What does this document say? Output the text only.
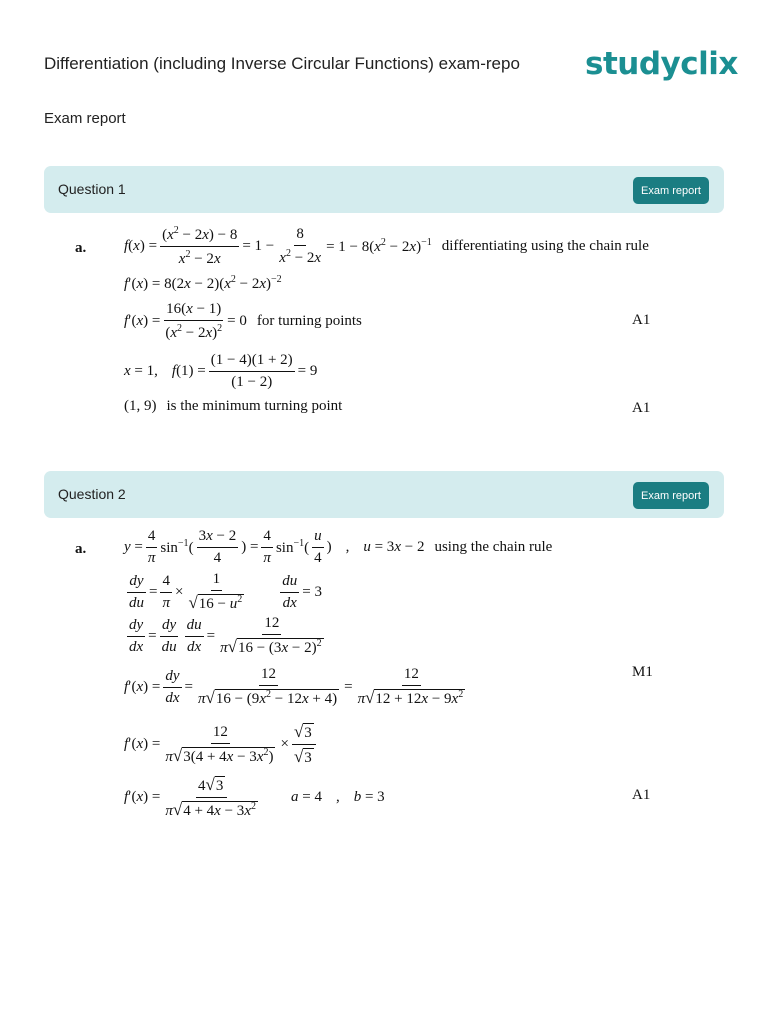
Differentiation (including Inverse Circular Functions) exam-repo
Exam report
studyclix
Question 1	Exam report
a.	$f(x) = \frac{(x^2 - 2x) - 8}{x^2 - 2x} = 1 - \frac{8}{x^2 - 2x} = 1 - 8(x^2 - 2x)^{-1}$ differentiating using the chain rule
$f'(x) = 8(2x - 2)(x^2 - 2x)^{-2}$
$f'(x) = \frac{16(x - 1)}{(x^2 - 2x)^2} = 0$ for turning points	A1
x = 1, $f(1) = \frac{(1 - 4)(1 + 2)}{(1 - 2)} = 9$
(1, 9) is the minimum turning point	A1
Question 2	Exam report
a.	$y = \frac{4}{\pi} \sin^{-1}$(
3x − 2
4
) = $\frac{4}{\pi} \sin^{-1}$(
u
4
) , u = 3x − 2 using the chain rule
$\frac{dy}{du} = \frac{4}{\pi} \times \frac{1}{√16 - u^2} \frac{du}{dx} = 3$
$\frac{dy}{dx} = \frac{dy}{du} \frac{du}{dx} = \frac{12}{\pi√16 - (3x - 2)^2}$
$f'(x) = \frac{dy}{dx} = \frac{12}{\pi√16 - (9x^2 - 12x + 4)} = \frac{12}{\pi√12 + 12x - 9x^2}$	M1
$f'(x) = \frac{12}{\pi√3(4 + 4x - 3x^2)} \times \frac{√3}{√3}$
$f'(x) = \frac{4√3}{\pi√4 + 4x - 3x^2}$ a = 4 , b = 3	A1
